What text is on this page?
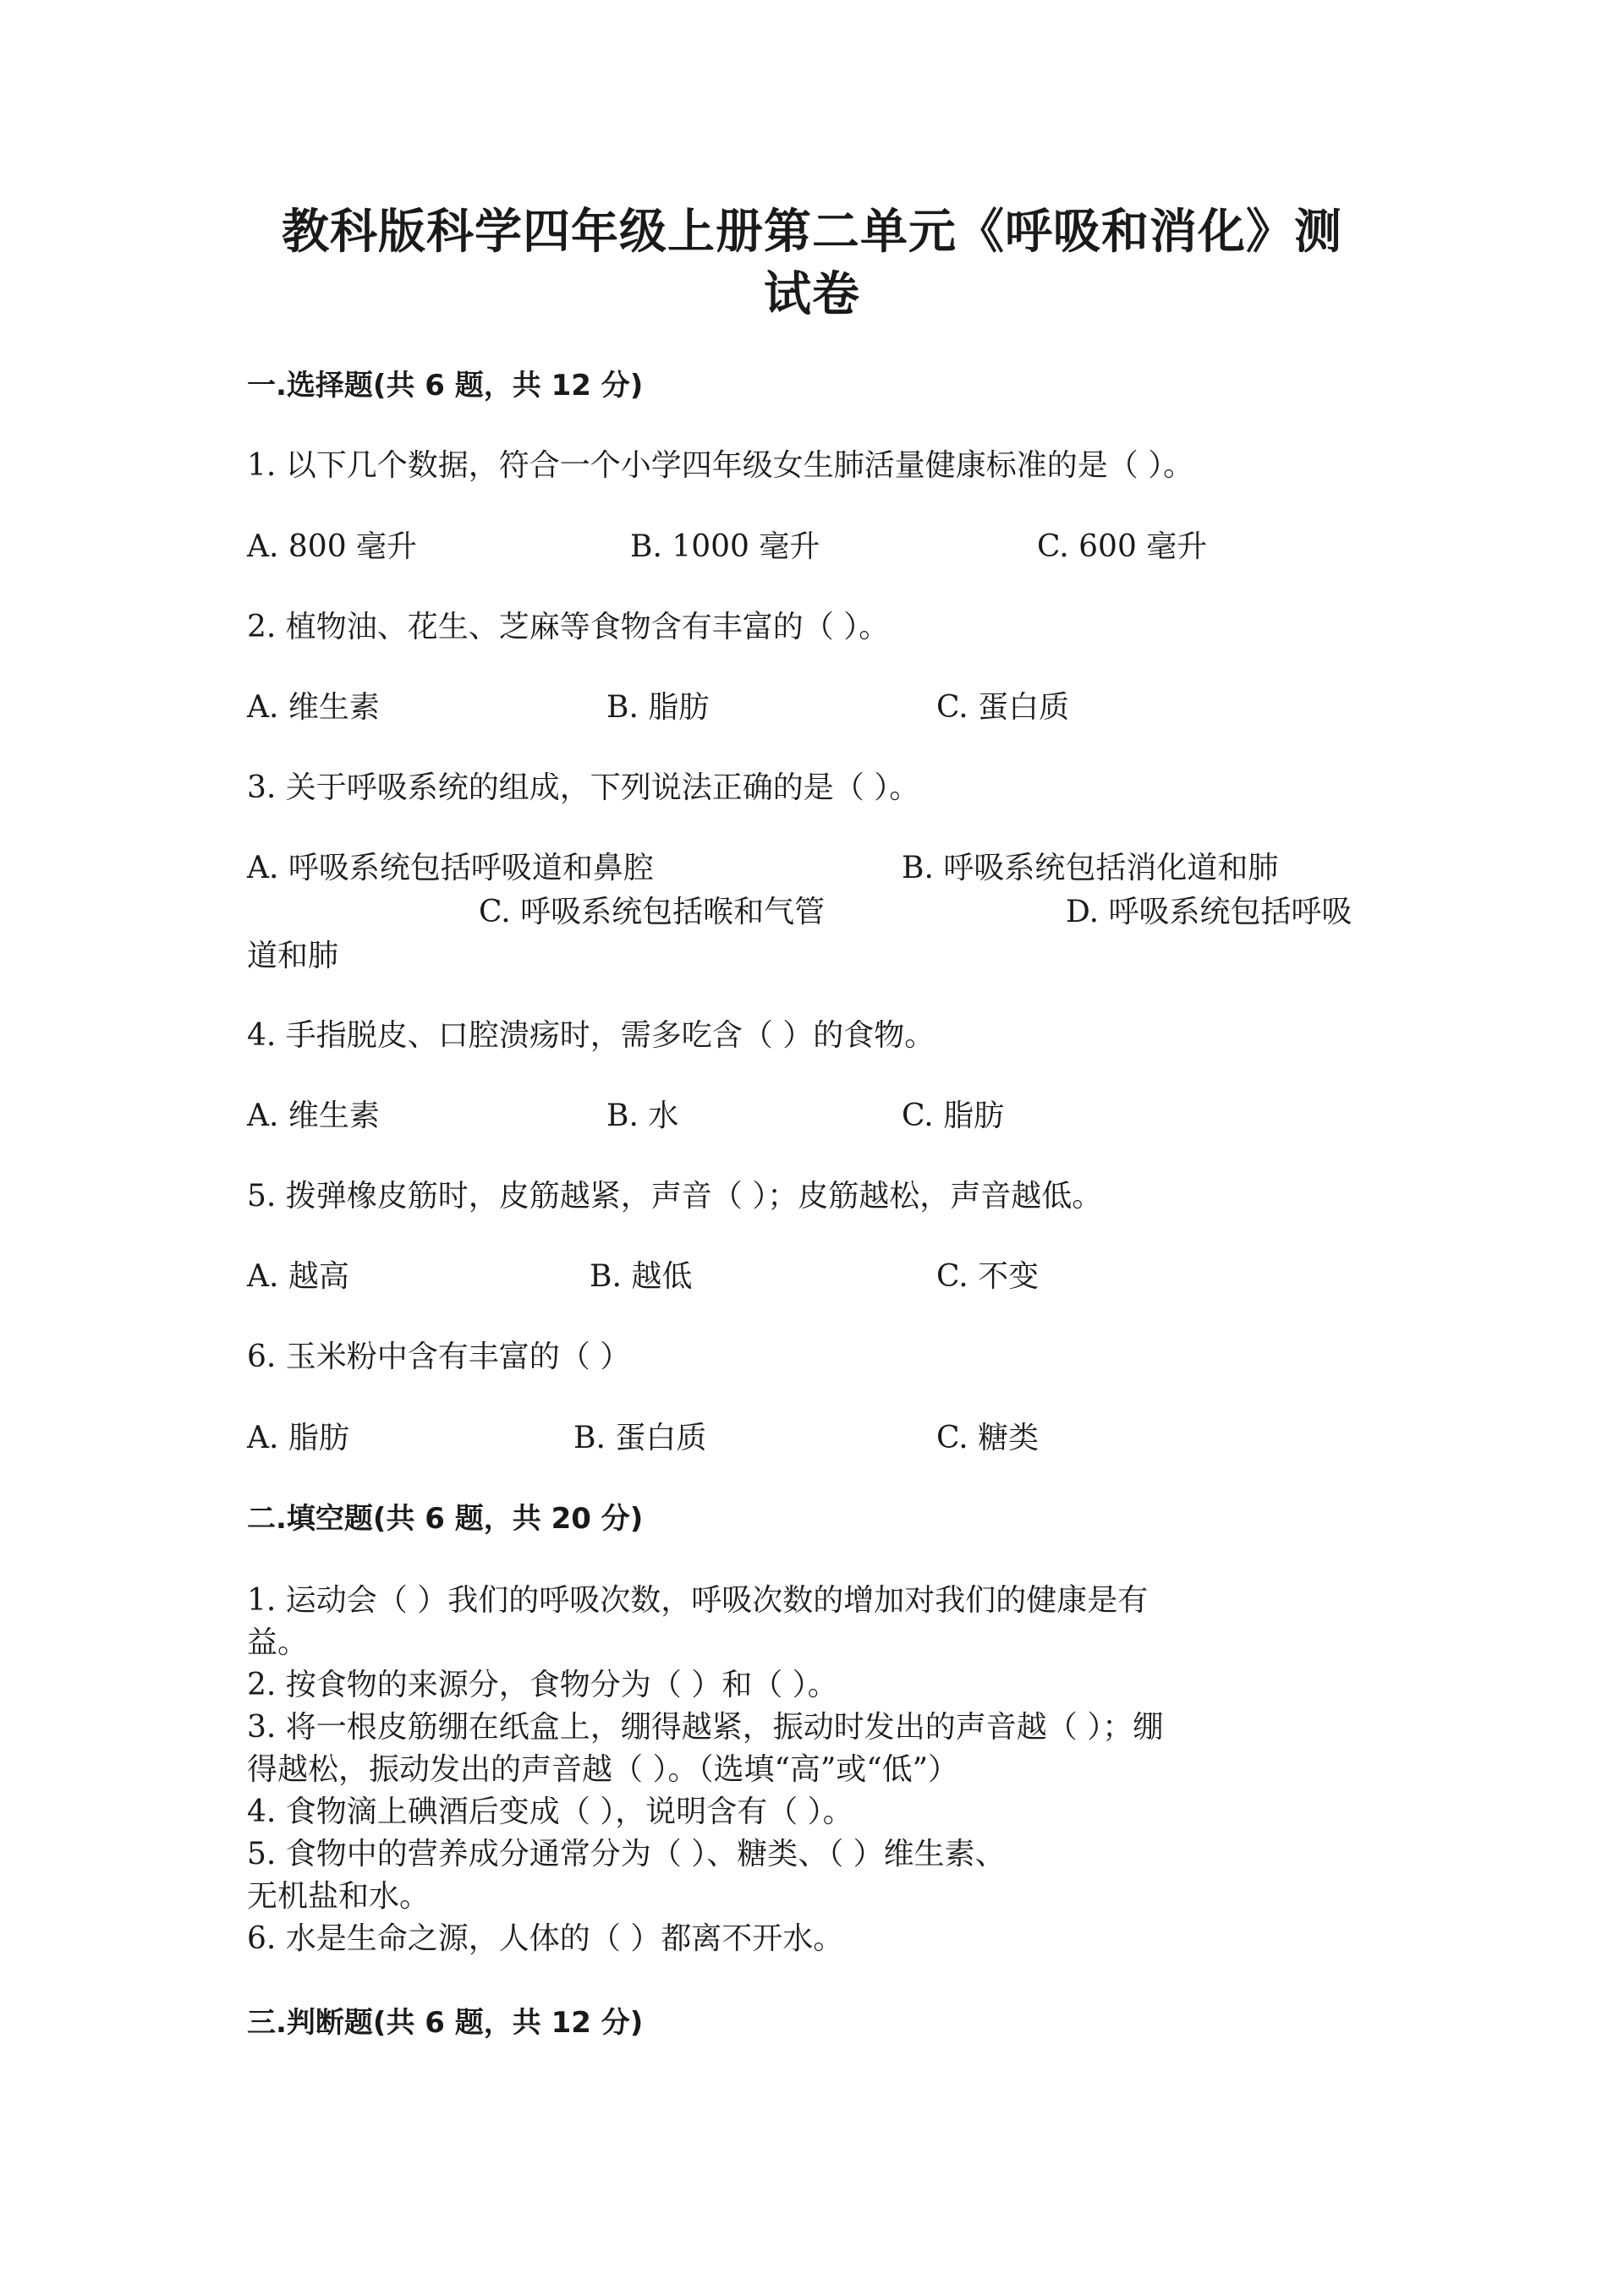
教科版科学四年级上册第二单元《呼吸和消化》测
试卷
一.选择题(共 6 题，共 12 分)

1. 以下几个数据，符合一个小学四年级女生肺活量健康标准的是（ ）。

A. 800 毫升	B. 1000 毫升	C. 600 毫升

2. 植物油、花生、芝麻等食物含有丰富的（ ）。

A. 维生素	B. 脂肪	C. 蛋白质

3. 关于呼吸系统的组成，下列说法正确的是（ ）。

A. 呼吸系统包括呼吸道和鼻腔	B. 呼吸系统包括消化道和肺

C. 呼吸系统包括喉和气管	D. 呼吸系统包括呼吸

道和肺

4. 手指脱皮、口腔溃疡时，需多吃含（ ）的食物。

A. 维生素	B. 水	C. 脂肪

5. 拨弹橡皮筋时，皮筋越紧，声音（ ）；皮筋越松，声音越低。

A. 越高	B. 越低	C. 不变

6. 玉米粉中含有丰富的（ ）

A. 脂肪	B. 蛋白质	C. 糖类

二.填空题(共 6 题，共 20 分)

1. 运动会（ ）我们的呼吸次数，呼吸次数的增加对我们的健康是有

益。

2. 按食物的来源分，食物分为（ ）和（ ）。

3. 将一根皮筋绷在纸盒上，绷得越紧，振动时发出的声音越（ ）；绷

得越松，振动发出的声音越（ ）。（选填“高”或“低”）

4. 食物滴上碘酒后变成（ ），说明含有（ ）。

5. 食物中的营养成分通常分为（ ）、糖类、（ ）维生素、

无机盐和水。

6. 水是生命之源，人体的（ ）都离不开水。

三.判断题(共 6 题，共 12 分)
